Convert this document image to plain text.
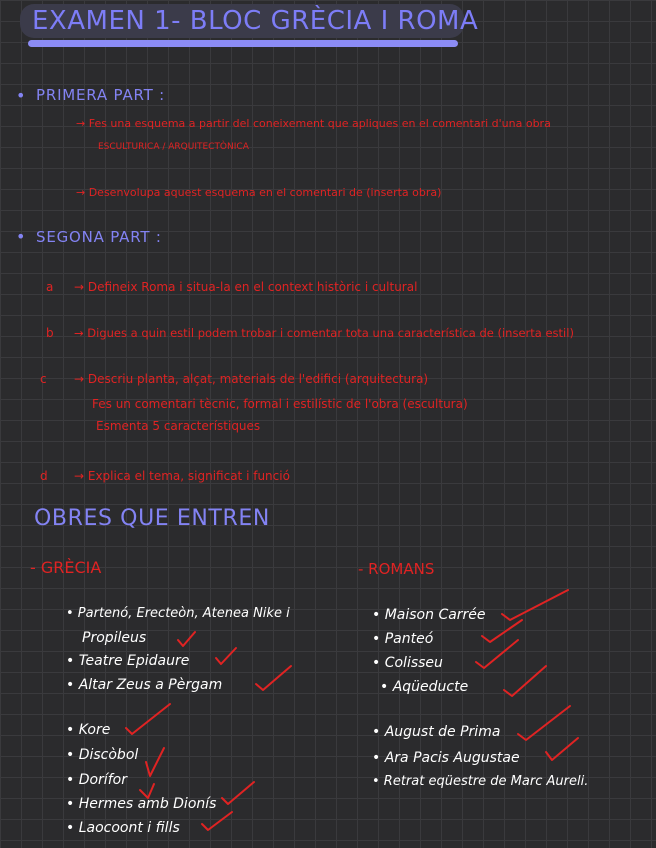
EXAMEN 1- BLOC GRÈCIA I ROMA
• PRIMERA PART :
→ Fes una esquema a partir del coneixement que apliques en el comentari d'una obra
ESCULTURICA / ARQUITECTÒNICA
→ Desenvolupa aquest esquema en el comentari de (inserta obra)
• SEGONA PART :
a → Defineix Roma i situa-la en el context històric i cultural
b → Digues a quin estil podem trobar i comentar tota una característica de (inserta estil)
c → Descriu planta, alçat, materials de l'edifici (arquitectura)
Fes un comentari tècnic, formal i estilístic de l'obra (escultura)
Esmenta 5 característiques
d → Explica el tema, significat i funció
OBRES QUE ENTREN
- GRÈCIA	- ROMANS
• Partenó, Erecteòn, Atenea Nike i
Propileus
• Teatre Epidaure
• Altar Zeus a Pèrgam
• Kore
• Discòbol
• Dorífor
• Hermes amb Dionís
• Laocoont i fills
• Maison Carrée
• Panteó
• Colisseu
• Aqüeducte
• August de Prima
• Ara Pacis Augustae
• Retrat eqüestre de Marc Aureli.
